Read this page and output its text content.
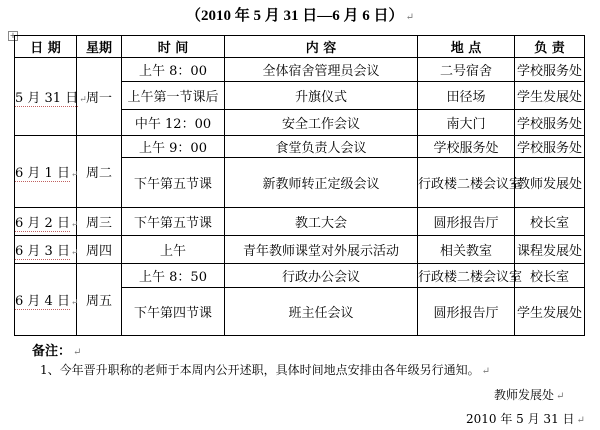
（2010 年 5 月 31 日—6 月 6 日） ↵
+
日 期	星期	时 间	内 容	地 点	负 责
5 月 31 日↵	周一	上午 8：00	全体宿舍管理员会议	二号宿舍	学校服务处
		上午第一节课后	升旗仪式	田径场	学生发展处
		中午 12：00	安全工作会议	南大门	学校服务处
6 月 1 日↵	周二	上午 9：00	食堂负责人会议	学校服务处	学校服务处
		下午第五节课	新教师转正定级会议	行政楼二楼会议室	教师发展处
6 月 2 日↵	周三	下午第五节课	教工大会	圆形报告厅	校长室
6 月 3 日↵	周四	上午	青年教师课堂对外展示活动	相关教室	课程发展处
6 月 4 日↵	周五	上午 8：50	行政办公会议	行政楼二楼会议室	校长室
		下午第四节课	班主任会议	圆形报告厅	学生发展处
备注： ↵
1、今年晋升职称的老师于本周内公开述职，具体时间地点安排由各年级另行通知。 ↵
教师发展处 ↵
2010 年 5 月 31 日 ↵
